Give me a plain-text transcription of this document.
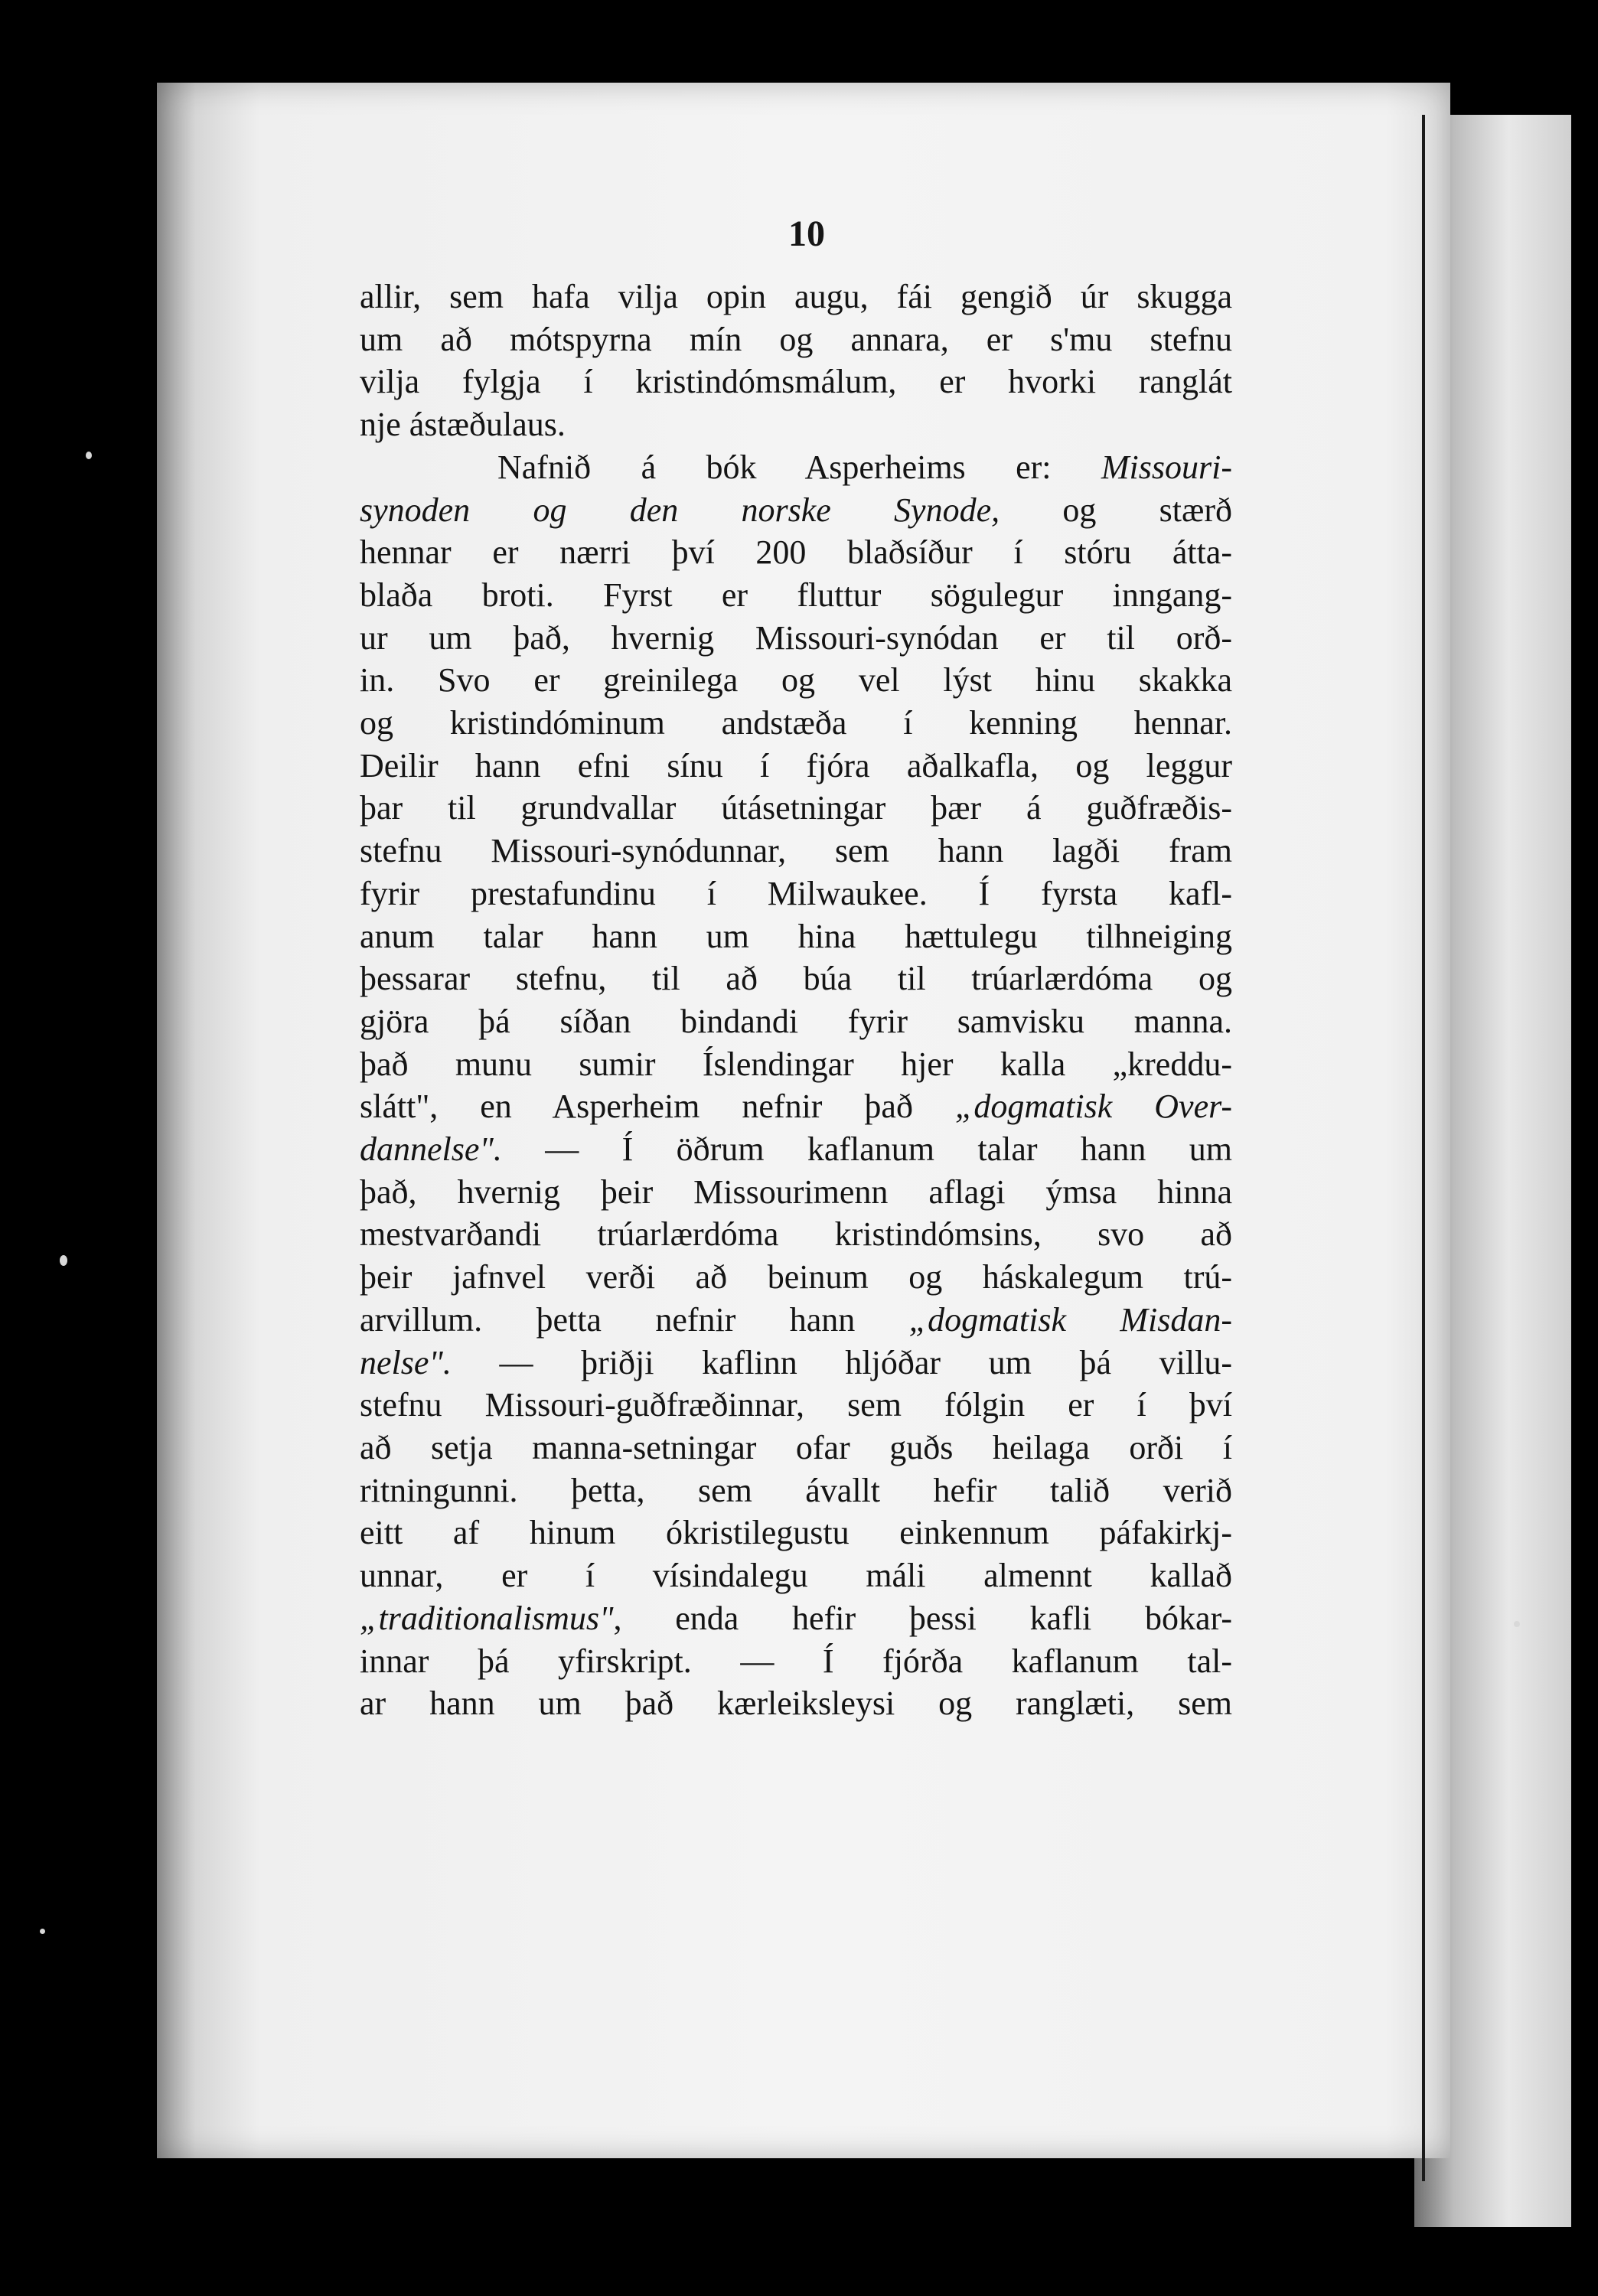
10
allir, sem hafa vilja opin augu, fái gengið úr skugga
um að mótspyrna mín og annara, er s'mu stefnu
vilja fylgja í kristindómsmálum, er hvorki ranglát
nje ástæðulaus.
Nafnið á bók Asperheims er: Missouri-
synoden og den norske Synode, og stærð
hennar er nærri því 200 blaðsíður í stóru átta-
blaða broti. Fyrst er fluttur sögulegur inngang-
ur um það, hvernig Missouri-synódan er til orð-
in. Svo er greinilega og vel lýst hinu skakka
og kristindóminum andstæða í kenning hennar.
Deilir hann efni sínu í fjóra aðalkafla, og leggur
þar til grundvallar útásetningar þær á guðfræðis-
stefnu Missouri-synódunnar, sem hann lagði fram
fyrir prestafundinu í Milwaukee. Í fyrsta kafl-
anum talar hann um hina hættulegu tilhneiging
þessarar stefnu, til að búa til trúarlærdóma og
gjöra þá síðan bindandi fyrir samvisku manna.
það munu sumir Íslendingar hjer kalla „kreddu-
slátt", en Asperheim nefnir það „dogmatisk Over-
dannelse". — Í öðrum kaflanum talar hann um
það, hvernig þeir Missourimenn aflagi ýmsa hinna
mestvarðandi trúarlærdóma kristindómsins, svo að
þeir jafnvel verði að beinum og háskalegum trú-
arvillum. þetta nefnir hann „dogmatisk Misdan-
nelse". — þriðji kaflinn hljóðar um þá villu-
stefnu Missouri-guðfræðinnar, sem fólgin er í því
að setja manna-setningar ofar guðs heilaga orði í
ritningunni. þetta, sem ávallt hefir talið verið
eitt af hinum ókristilegustu einkennum páfakirkj-
unnar, er í vísindalegu máli almennt kallað
„traditionalismus", enda hefir þessi kafli bókar-
innar þá yfirskript. — Í fjórða kaflanum tal-
ar hann um það kærleiksleysi og ranglæti, sem
